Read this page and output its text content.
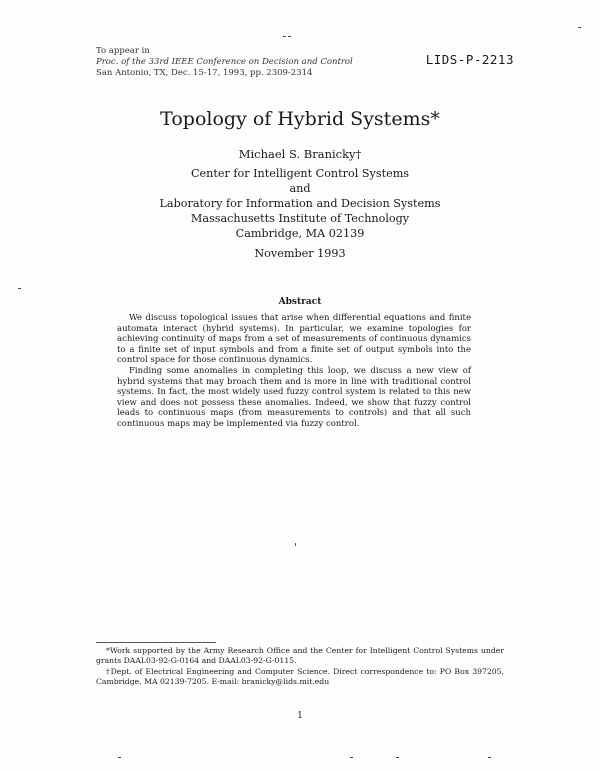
To appear in
Proc. of the 33rd IEEE Conference on Decision and Control
San Antonio, TX, Dec. 15-17, 1993, pp. 2309-2314
LIDS-P-2213
Topology of Hybrid Systems*
Michael S. Branicky†
Center for Intelligent Control Systems
and
Laboratory for Information and Decision Systems
Massachusetts Institute of Technology
Cambridge, MA 02139
November 1993
Abstract

We discuss topological issues that arise when differential equations and finite automata interact (hybrid systems). In particular, we examine topologies for achieving continuity of maps from a set of measurements of continuous dynamics to a finite set of input symbols and from a finite set of output symbols into the control space for those continuous dynamics.

Finding some anomalies in completing this loop, we discuss a new view of hybrid systems that may broach them and is more in line with traditional control systems. In fact, the most widely used fuzzy control system is related to this new view and does not possess these anomalies. Indeed, we show that fuzzy control leads to continuous maps (from measurements to controls) and that all such continuous maps may be implemented via fuzzy control.

*Work supported by the Army Research Office and the Center for Intelligent Control Systems under grants DAAL03-92-G-0164 and DAAL03-92-G-0115.

†Dept. of Electrical Engineering and Computer Science. Direct correspondence to: PO Box 397205, Cambridge, MA 02139-7205. E-mail: branicky@lids.mit.edu

1
